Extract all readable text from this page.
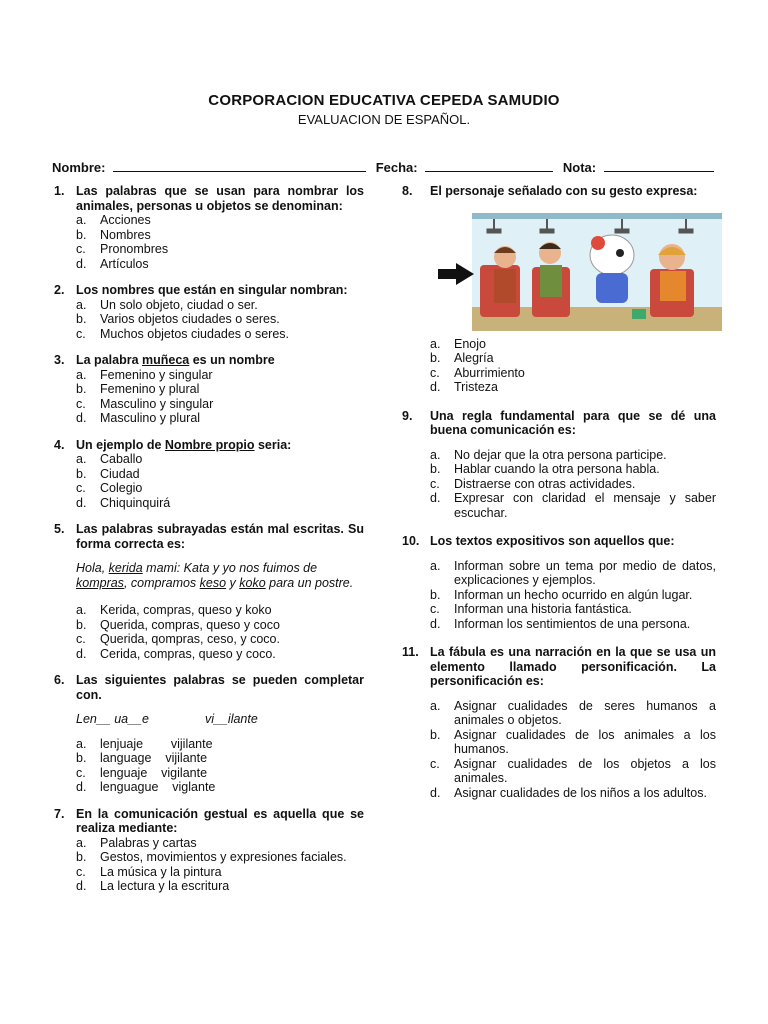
CORPORACION EDUCATIVA CEPEDA SAMUDIO
EVALUACION DE ESPAÑOL.
Nombre:	Fecha:	Nota:
1. Las palabras que se usan para nombrar los animales, personas u objetos se denominan:
a. Acciones
b. Nombres
c. Pronombres
d. Artículos
2. Los nombres que están en singular nombran:
a. Un solo objeto, ciudad o ser.
b. Varios objetos ciudades o seres.
c. Muchos objetos ciudades o seres.
3. La palabra muñeca es un nombre
a. Femenino y singular
b. Femenino y plural
c. Masculino y singular
d. Masculino y plural
4. Un ejemplo de Nombre propio seria:
a. Caballo
b. Ciudad
c. Colegio
d. Chiquinquirá
5. Las palabras subrayadas están mal escritas. Su forma correcta es:
Hola, kerida mami: Kata y yo nos fuimos de kompras, compramos keso y koko para un postre.
a. Kerida, compras, queso y koko
b. Querida, compras, queso y coco
c. Querida, qompras, ceso, y coco.
d. Cerida, compras, queso y coco.
6. Las siguientes palabras se pueden completar con.
Len__ ua__e	vi__ilante
a. lenjuaje        vijilante
b. language    vijilante
c. lenguaje    vigilante
d. lenguague    viglante
7. En la comunicación gestual es aquella que se realiza mediante:
a. Palabras y cartas
b. Gestos, movimientos y expresiones faciales.
c. La música y la pintura
d. La lectura y la escritura
8.	El personaje señalado con su gesto expresa:
a. Enojo
b. Alegría
c. Aburrimiento
d. Tristeza
9.	Una regla fundamental para que se dé una buena comunicación es:
a. No dejar que la otra persona participe.
b. Hablar cuando la otra persona habla.
c. Distraerse con otras actividades.
d. Expresar con claridad el mensaje y saber escuchar.
10. Los textos expositivos son aquellos que:
a. Informan sobre un tema por medio de datos, explicaciones y ejemplos.
b. Informan un hecho ocurrido en algún lugar.
c. Informan una historia fantástica.
d. Informan los sentimientos de una persona.
11. La fábula es una narración en la que se usa un elemento llamado personificación. La personificación es:
a. Asignar cualidades de seres humanos a animales o objetos.
b. Asignar cualidades de los animales a los humanos.
c. Asignar cualidades de los objetos a los animales.
d. Asignar cualidades de los niños a los adultos.
